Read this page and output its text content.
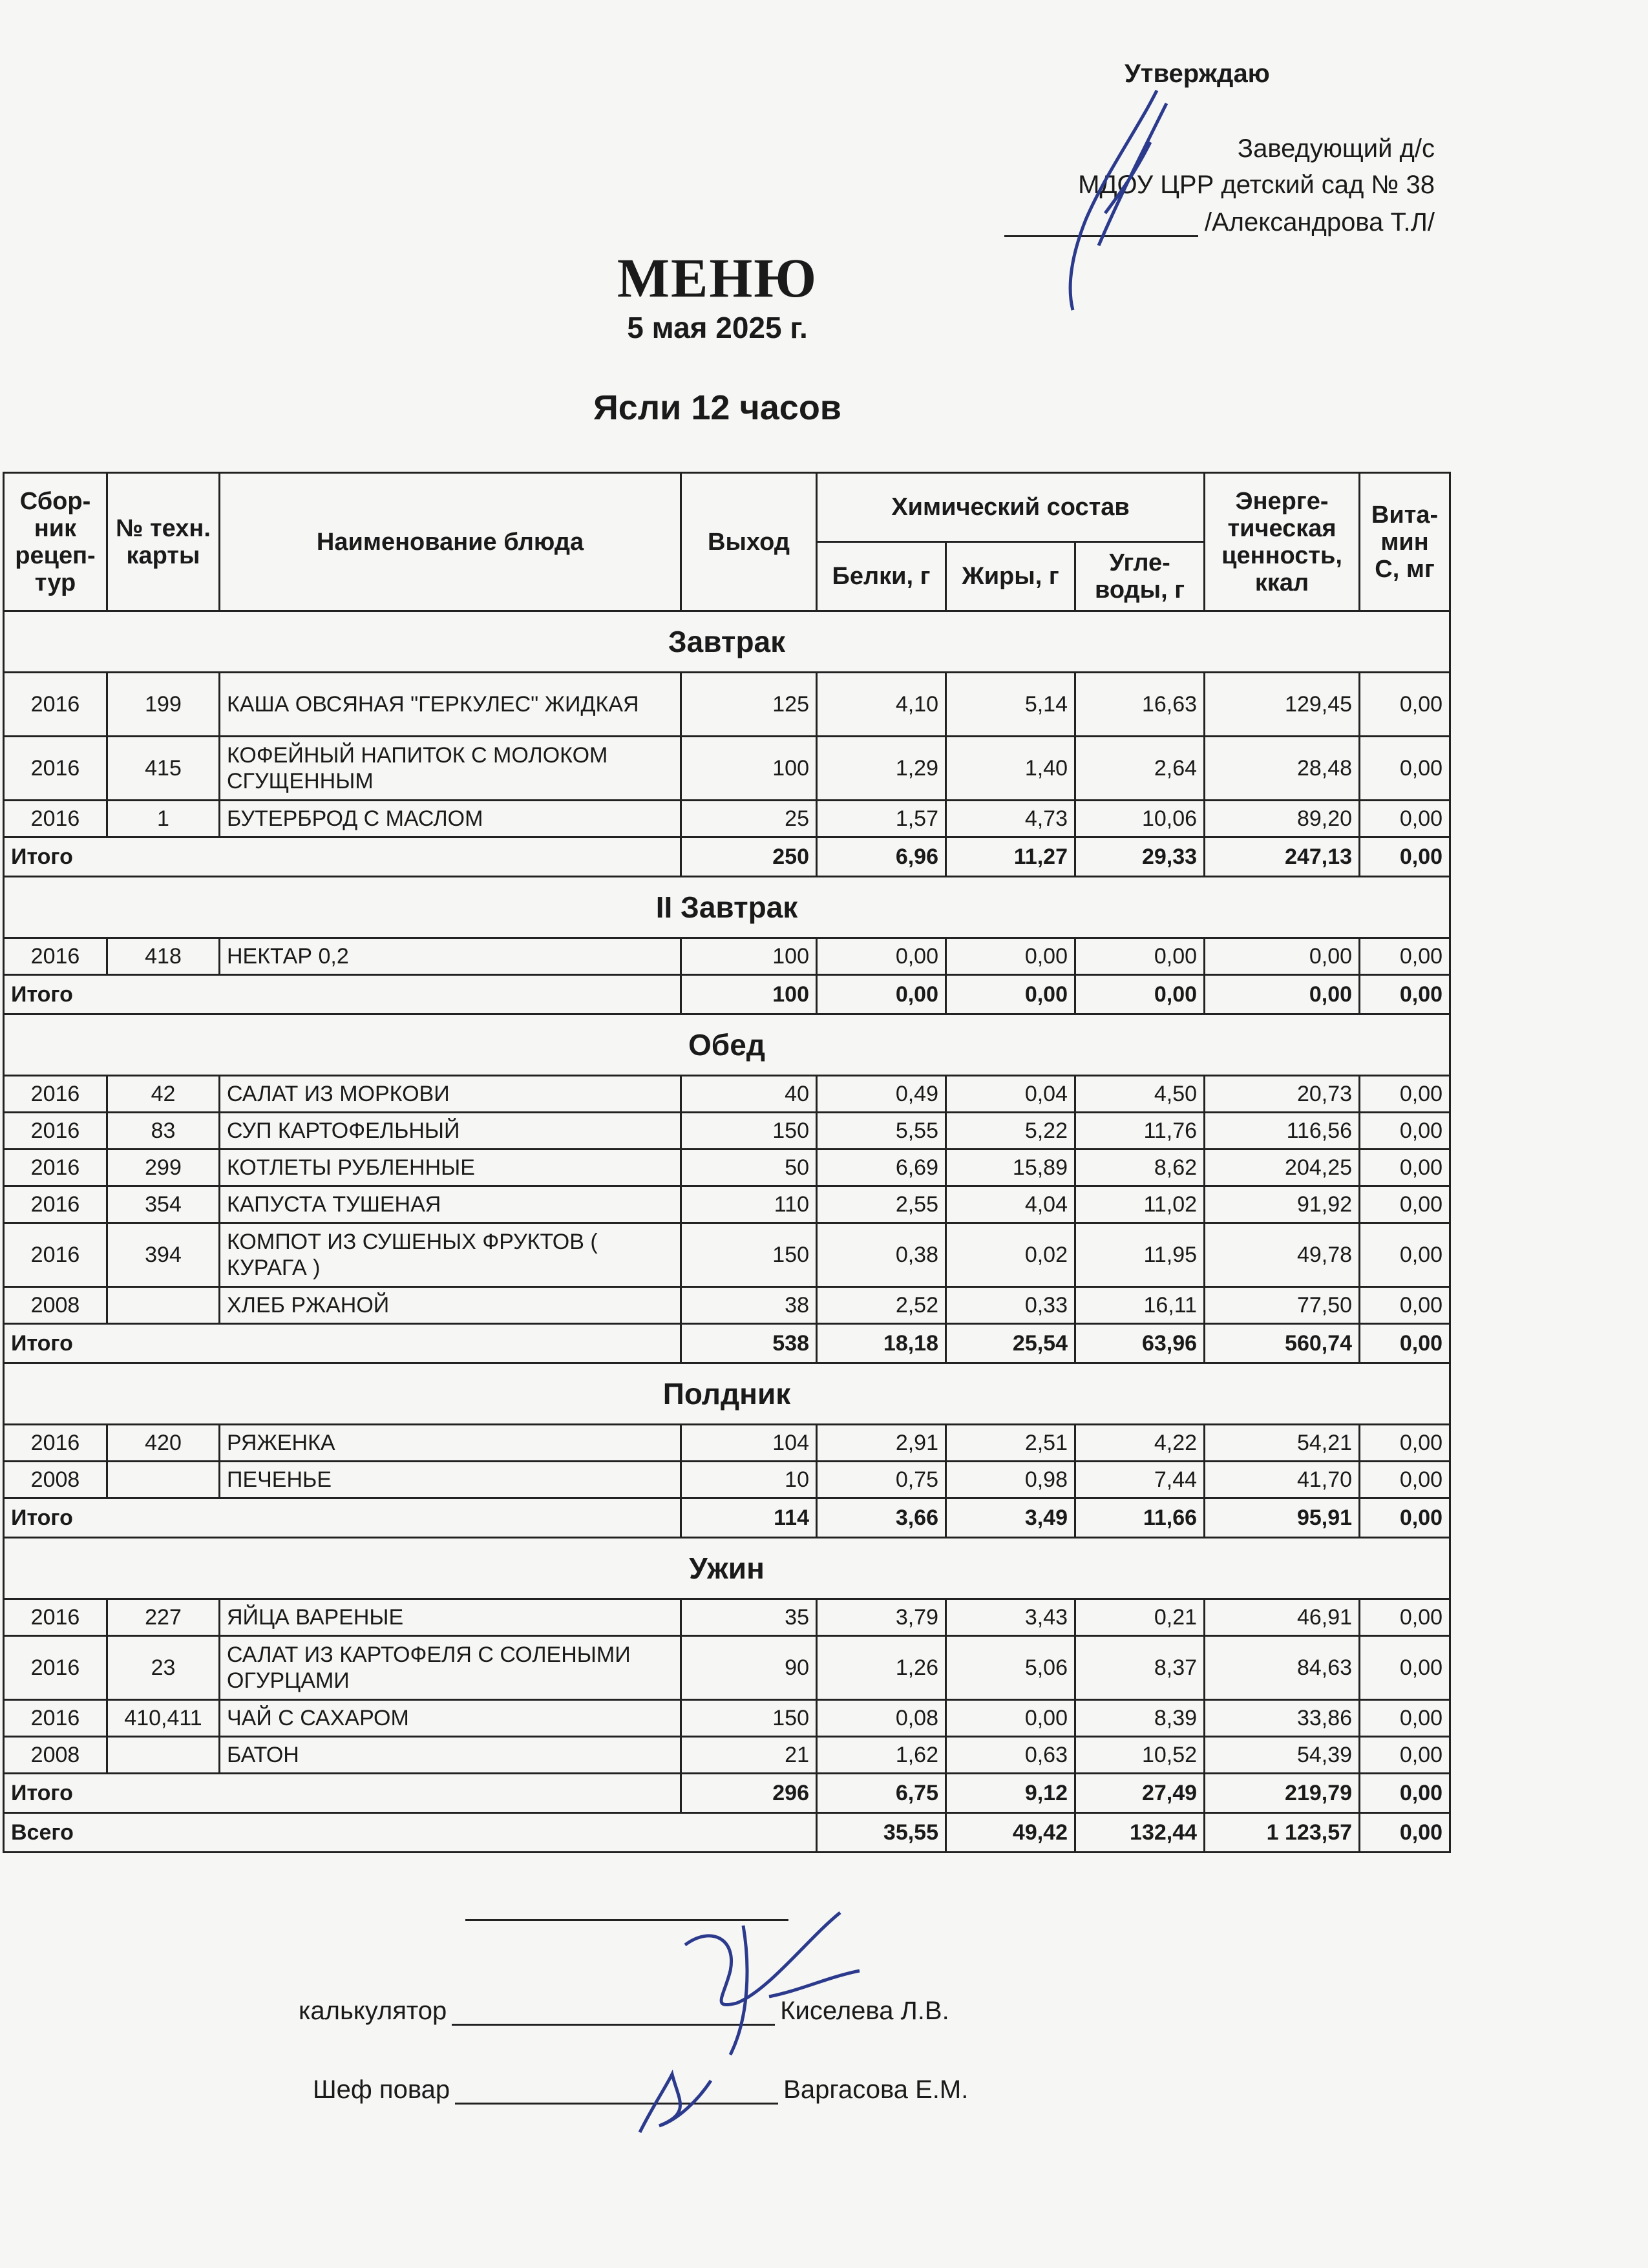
Утверждаю
Заведующий д/с
МДОУ ЦРР детский сад № 38
/Александрова Т.Л/
МЕНЮ
5 мая 2025 г.
Ясли 12 часов
Сбор-ник рецеп-тур	№ техн. карты	Наименование блюда	Выход	Химический состав			Энерге-тическая ценность, ккал	Вита-мин С, мг
				Белки, г	Жиры, г	Угле-воды, г		
Завтрак								
2016	199	КАША ОВСЯНАЯ "ГЕРКУЛЕС" ЖИДКАЯ	125	4,10	5,14	16,63	129,45	0,00
2016	415	КОФЕЙНЫЙ НАПИТОК С МОЛОКОМ СГУЩЕННЫМ	100	1,29	1,40	2,64	28,48	0,00
2016	1	БУТЕРБРОД С МАСЛОМ	25	1,57	4,73	10,06	89,20	0,00
Итого			250	6,96	11,27	29,33	247,13	0,00
II Завтрак								
2016	418	НЕКТАР 0,2	100	0,00	0,00	0,00	0,00	0,00
Итого			100	0,00	0,00	0,00	0,00	0,00
Обед								
2016	42	САЛАТ ИЗ МОРКОВИ	40	0,49	0,04	4,50	20,73	0,00
2016	83	СУП КАРТОФЕЛЬНЫЙ	150	5,55	5,22	11,76	116,56	0,00
2016	299	КОТЛЕТЫ РУБЛЕННЫЕ	50	6,69	15,89	8,62	204,25	0,00
2016	354	КАПУСТА ТУШЕНАЯ	110	2,55	4,04	11,02	91,92	0,00
2016	394	КОМПОТ ИЗ СУШЕНЫХ ФРУКТОВ ( КУРАГА )	150	0,38	0,02	11,95	49,78	0,00
2008		ХЛЕБ РЖАНОЙ	38	2,52	0,33	16,11	77,50	0,00
Итого			538	18,18	25,54	63,96	560,74	0,00
Полдник								
2016	420	РЯЖЕНКА	104	2,91	2,51	4,22	54,21	0,00
2008		ПЕЧЕНЬЕ	10	0,75	0,98	7,44	41,70	0,00
Итого			114	3,66	3,49	11,66	95,91	0,00
Ужин								
2016	227	ЯЙЦА ВАРЕНЫЕ	35	3,79	3,43	0,21	46,91	0,00
2016	23	САЛАТ ИЗ КАРТОФЕЛЯ С СОЛЕНЫМИ ОГУРЦАМИ	90	1,26	5,06	8,37	84,63	0,00
2016	410,411	ЧАЙ С САХАРОМ	150	0,08	0,00	8,39	33,86	0,00
2008		БАТОН	21	1,62	0,63	10,52	54,39	0,00
Итого			296	6,75	9,12	27,49	219,79	0,00
Всего				35,55	49,42	132,44	1 123,57	0,00
калькулятор	Киселева Л.В.
Шеф повар	Варгасова Е.М.
